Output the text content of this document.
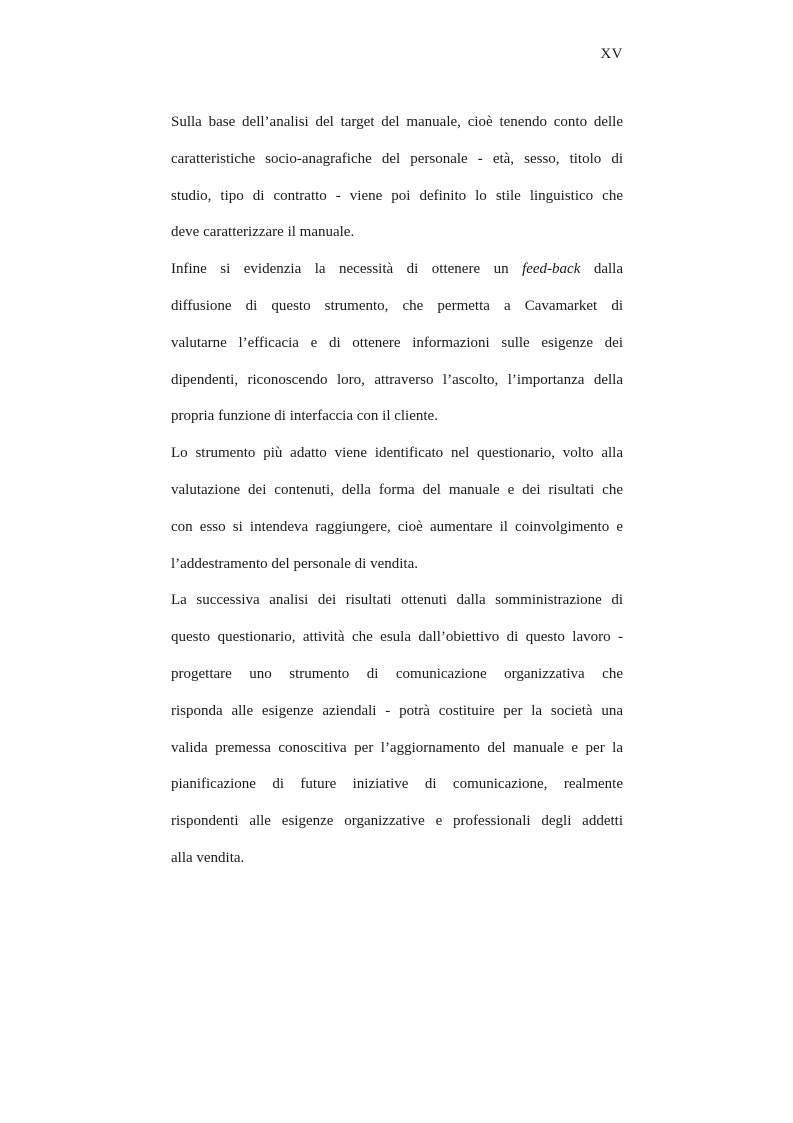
XV

Sulla base dell’analisi del target del manuale, cioè tenendo conto delle
caratteristiche socio-anagrafiche del personale - età, sesso, titolo di
studio, tipo di contratto - viene poi definito lo stile linguistico che
deve caratterizzare il manuale.

Infine si evidenzia la necessità di ottenere un feed-back dalla
diffusione di questo strumento, che permetta a Cavamarket di
valutarne l’efficacia e di ottenere informazioni sulle esigenze dei
dipendenti, riconoscendo loro, attraverso l’ascolto, l’importanza della
propria funzione di interfaccia con il cliente.

Lo strumento più adatto viene identificato nel questionario, volto alla
valutazione dei contenuti, della forma del manuale e dei risultati che
con esso si intendeva raggiungere, cioè aumentare il coinvolgimento e
l’addestramento del personale di vendita.

La successiva analisi dei risultati ottenuti dalla somministrazione di
questo questionario, attività che esula dall’obiettivo di questo lavoro -
progettare uno strumento di comunicazione organizzativa che
risponda alle esigenze aziendali - potrà costituire per la società una
valida premessa conoscitiva per l’aggiornamento del manuale e per la
pianificazione di future iniziative di comunicazione, realmente
rispondenti alle esigenze organizzative e professionali degli addetti
alla vendita.
